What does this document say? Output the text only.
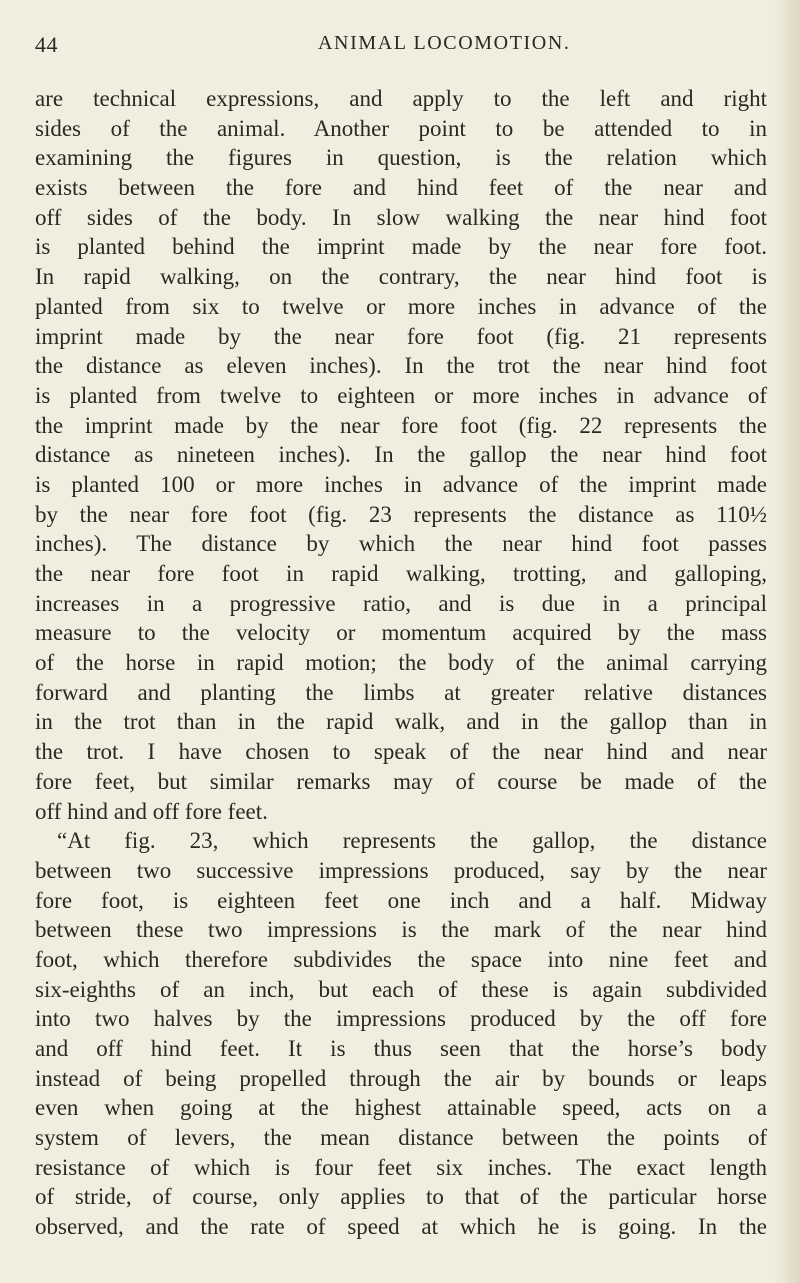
44	ANIMAL LOCOMOTION.
are technical expressions, and apply to the left and right
sides of the animal. Another point to be attended to in
examining the figures in question, is the relation which
exists between the fore and hind feet of the near and
off sides of the body. In slow walking the near hind foot
is planted behind the imprint made by the near fore foot.
In rapid walking, on the contrary, the near hind foot is
planted from six to twelve or more inches in advance of the
imprint made by the near fore foot (fig. 21 represents
the distance as eleven inches). In the trot the near hind foot
is planted from twelve to eighteen or more inches in advance of
the imprint made by the near fore foot (fig. 22 represents the
distance as nineteen inches). In the gallop the near hind foot
is planted 100 or more inches in advance of the imprint made
by the near fore foot (fig. 23 represents the distance as 110½
inches). The distance by which the near hind foot passes
the near fore foot in rapid walking, trotting, and galloping,
increases in a progressive ratio, and is due in a principal
measure to the velocity or momentum acquired by the mass
of the horse in rapid motion; the body of the animal carrying
forward and planting the limbs at greater relative distances
in the trot than in the rapid walk, and in the gallop than in
the trot. I have chosen to speak of the near hind and near
fore feet, but similar remarks may of course be made of the
off hind and off fore feet.
“At fig. 23, which represents the gallop, the distance
between two successive impressions produced, say by the near
fore foot, is eighteen feet one inch and a half. Midway
between these two impressions is the mark of the near hind
foot, which therefore subdivides the space into nine feet and
six-eighths of an inch, but each of these is again subdivided
into two halves by the impressions produced by the off fore
and off hind feet. It is thus seen that the horse’s body
instead of being propelled through the air by bounds or leaps
even when going at the highest attainable speed, acts on a
system of levers, the mean distance between the points of
resistance of which is four feet six inches. The exact length
of stride, of course, only applies to that of the particular horse
observed, and the rate of speed at which he is going. In the
